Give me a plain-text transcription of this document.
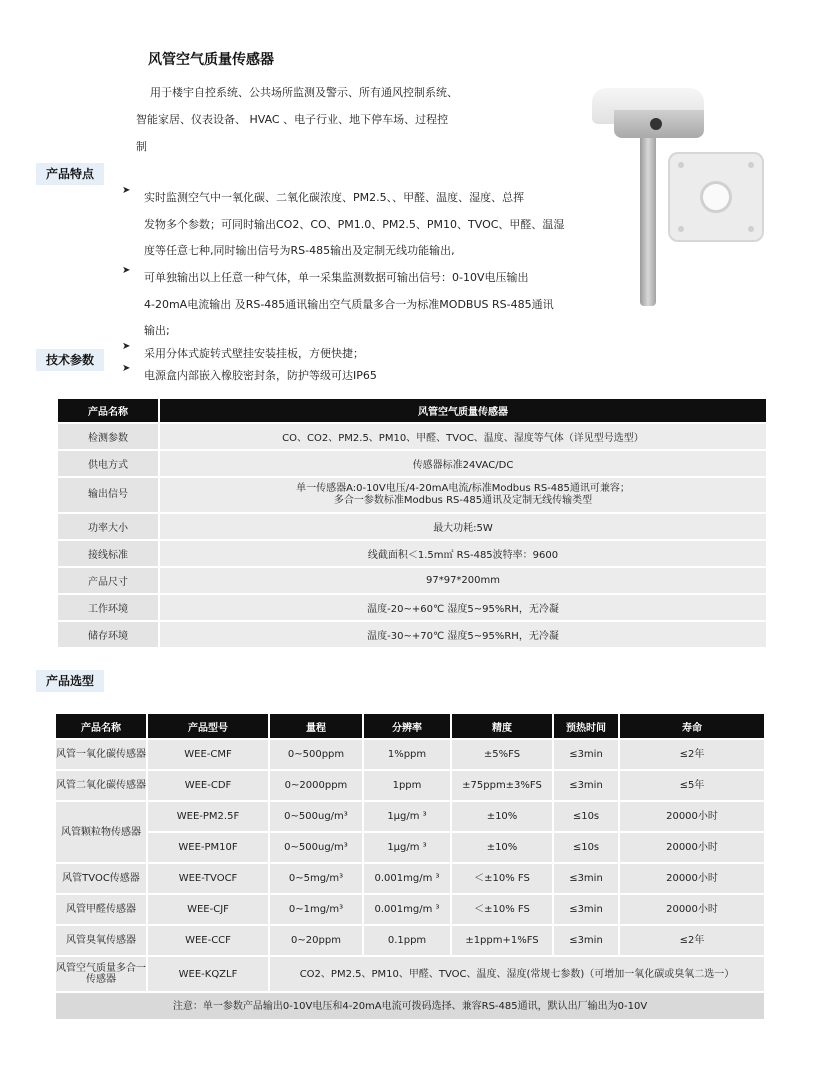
风管空气质量传感器
用于楼宇自控系统、公共场所监测及警示、所有通风控制系统、
智能家居、仪表设备、 HVAC 、电子行业、地下停车场、过程控
制
产品特点
技术参数
产品选型
➤
实时监测空气中一氧化碳、二氧化碳浓度、PM2.5、、甲醛、温度、湿度、总挥
发物多个参数；可同时输出CO2、CO、PM1.0、PM2.5、PM10、TVOC、甲醛、温湿
度等任意七种,同时输出信号为RS-485输出及定制无线功能输出,
➤
可单独输出以上任意一种气体，单一采集监测数据可输出信号：0-10V电压输出
4-20mA电流输出 及RS-485通讯输出空气质量多合一为标准MODBUS RS-485通讯
输出;
➤
采用分体式旋转式壁挂安装挂板，方便快捷；
➤
电源盒内部嵌入橡胶密封条，防护等级可达IP65
产品名称	风管空气质量传感器
检测参数	CO、CO2、PM2.5、PM10、甲醛、TVOC、温度、湿度等气体（详见型号选型）
供电方式	传感器标准24VAC/DC
输出信号	单一传感器A:0-10V电压/4-20mA电流/标准Modbus RS-485通讯可兼容；
多合一参数标准Modbus RS-485通讯及定制无线传输类型

功率大小	最大功耗:5W
接线标准	线截面积＜1.5m㎡ RS-485波特率：9600
产品尺寸	97*97*200mm
工作环境	温度-20~+60℃ 湿度5~95%RH，无冷凝
储存环境	温度-30~+70℃ 湿度5~95%RH，无冷凝
产品名称	产品型号	量程	分辨率	精度	预热时间	寿命
风管一氧化碳传感器	WEE-CMF	0~500ppm	1%ppm	±5%FS	≤3min	≤2年
风管二氧化碳传感器	WEE-CDF	0~2000ppm	1ppm	±75ppm±3%FS	≤3min	≤5年
风管颗粒物传感器	WEE-PM2.5F	0~500ug/m³	1μg/m ³	±10%	≤10s	20000小时
	WEE-PM10F	0~500ug/m³	1μg/m ³	±10%	≤10s	20000小时
风管TVOC传感器	WEE-TVOCF	0~5mg/m³	0.001mg/m ³	＜±10% FS	≤3min	20000小时
风管甲醛传感器	WEE-CJF	0~1mg/m³	0.001mg/m ³	＜±10% FS	≤3min	20000小时
风管臭氧传感器	WEE-CCF	0~20ppm	0.1ppm	±1ppm+1%FS	≤3min	≤2年
风管空气质量多合一传感器	WEE-KQZLF	CO2、PM2.5、PM10、甲醛、TVOC、温度、湿度(常规七参数)（可增加一氧化碳或臭氧二选一）				
注意：单一参数产品输出0-10V电压和4-20mA电流可拨码选择、兼容RS-485通讯，默认出厂输出为0-10V						
